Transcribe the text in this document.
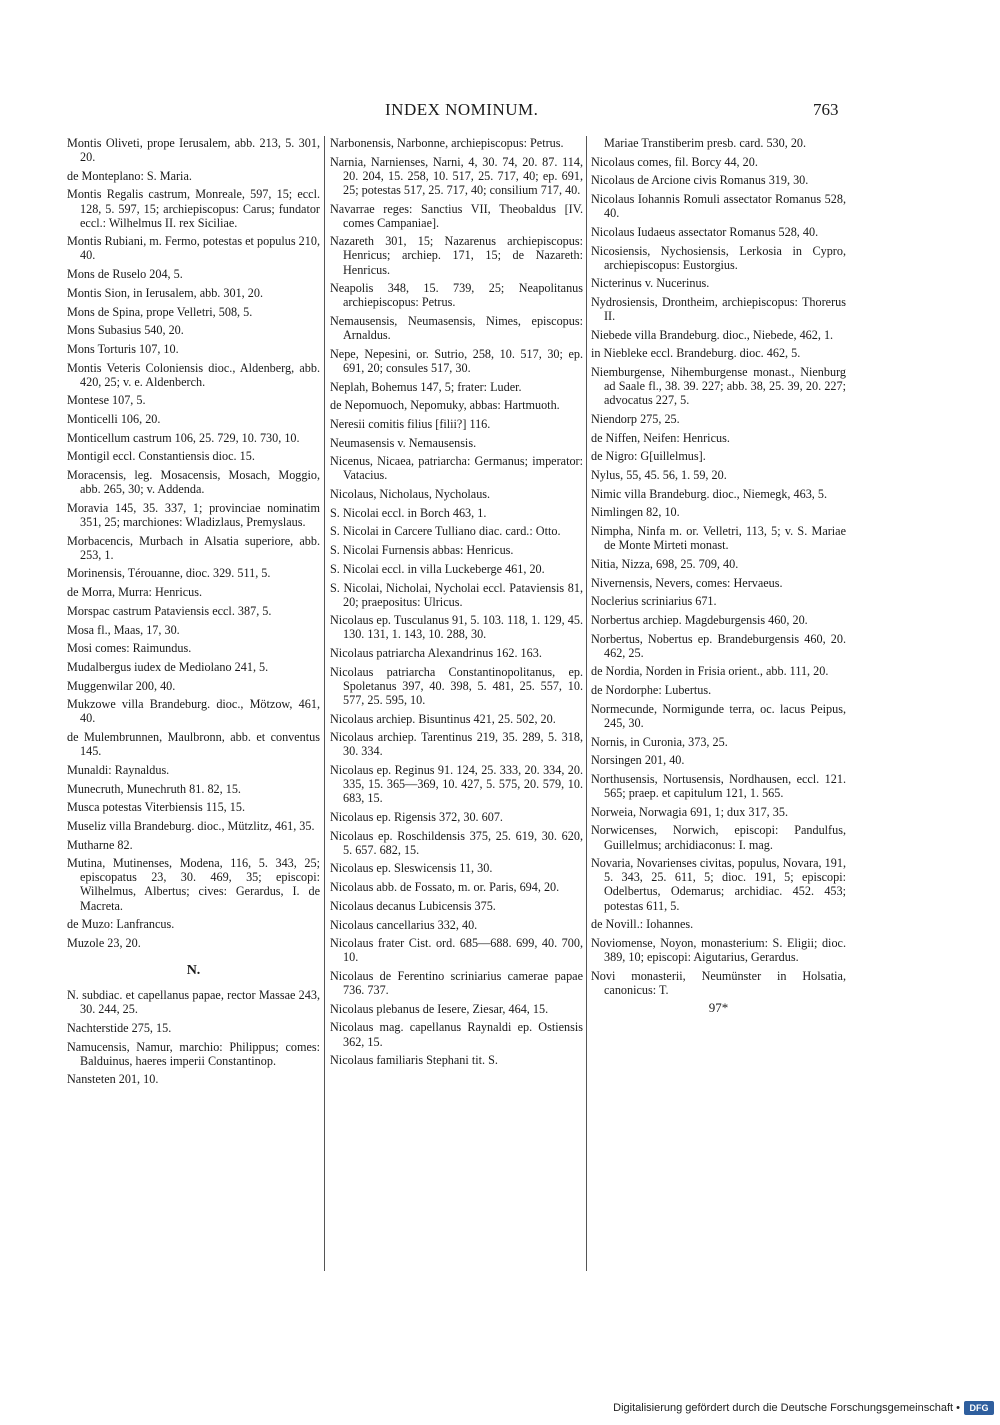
INDEX NOMINUM.	763

Montis Oliveti, prope Ierusalem, abb. 213, 5. 301, 20.

de Monteplano: S. Maria.

Montis Regalis castrum, Monreale, 597, 15; eccl. 128, 5. 597, 15; archiepiscopus: Carus; fundator eccl.: Wilhelmus II. rex Siciliae.

Montis Rubiani, m. Fermo, potestas et populus 210, 40.

Mons de Ruselo 204, 5.

Montis Sion, in Ierusalem, abb. 301, 20.

Mons de Spina, prope Velletri, 508, 5.

Mons Subasius 540, 20.

Mons Torturis 107, 10.

Montis Veteris Coloniensis dioc., Aldenberg, abb. 420, 25; v. e. Aldenberch.

Montese 107, 5.

Monticelli 106, 20.

Monticellum castrum 106, 25. 729, 10. 730, 10.

Montigil eccl. Constantiensis dioc. 15.

Moracensis, leg. Mosacensis, Mosach, Moggio, abb. 265, 30; v. Addenda.

Moravia 145, 35. 337, 1; provinciae nominatim 351, 25; marchiones: Wladizlaus, Premyslaus.

Morbacencis, Murbach in Alsatia superiore, abb. 253, 1.

Morinensis, Térouanne, dioc. 329. 511, 5.

de Morra, Murra: Henricus.

Morspac castrum Pataviensis eccl. 387, 5.

Mosa fl., Maas, 17, 30.

Mosi comes: Raimundus.

Mudalbergus iudex de Mediolano 241, 5.

Muggenwilar 200, 40.

Mukzowe villa Brandeburg. dioc., Mötzow, 461, 40.

de Mulembrunnen, Maulbronn, abb. et conventus 145.

Munaldi: Raynaldus.

Munecruth, Munechruth 81. 82, 15.

Musca potestas Viterbiensis 115, 15.

Museliz villa Brandeburg. dioc., Mützlitz, 461, 35.

Mutharne 82.

Mutina, Mutinenses, Modena, 116, 5. 343, 25; episcopatus 23, 30. 469, 35; episcopi: Wilhelmus, Albertus; cives: Gerardus, I. de Macreta.

de Muzo: Lanfrancus.

Muzole 23, 20.

N.

N. subdiac. et capellanus papae, rector Massae 243, 30. 244, 25.

Nachterstide 275, 15.

Namucensis, Namur, marchio: Philippus; comes: Balduinus, haeres imperii Constantinop.

Nansteten 201, 10.

Narbonensis, Narbonne, archiepiscopus: Petrus.

Narnia, Narnienses, Narni, 4, 30. 74, 20. 87. 114, 20. 204, 15. 258, 10. 517, 25. 717, 40; ep. 691, 25; potestas 517, 25. 717, 40; consilium 717, 40.

Navarrae reges: Sanctius VII, Theobaldus [IV. comes Campaniae].

Nazareth 301, 15; Nazarenus archiepiscopus: Henricus; archiep. 171, 15; de Nazareth: Henricus.

Neapolis 348, 15. 739, 25; Neapolitanus archiepiscopus: Petrus.

Nemausensis, Neumasensis, Nimes, episcopus: Arnaldus.

Nepe, Nepesini, or. Sutrio, 258, 10. 517, 30; ep. 691, 20; consules 517, 30.

Neplah, Bohemus 147, 5; frater: Luder.

de Nepomuoch, Nepomuky, abbas: Hartmuoth.

Neresii comitis filius [filii?] 116.

Neumasensis v. Nemausensis.

Nicenus, Nicaea, patriarcha: Germanus; imperator: Vatacius.

Nicolaus, Nicholaus, Nycholaus.

S. Nicolai eccl. in Borch 463, 1.

S. Nicolai in Carcere Tulliano diac. card.: Otto.

S. Nicolai Furnensis abbas: Henricus.

S. Nicolai eccl. in villa Luckeberge 461, 20.

S. Nicolai, Nicholai, Nycholai eccl. Pataviensis 81, 20; praepositus: Ulricus.

Nicolaus ep. Tusculanus 91, 5. 103. 118, 1. 129, 45. 130. 131, 1. 143, 10. 288, 30.

Nicolaus patriarcha Alexandrinus 162. 163.

Nicolaus patriarcha Constantinopolitanus, ep. Spoletanus 397, 40. 398, 5. 481, 25. 557, 10. 577, 25. 595, 10.

Nicolaus archiep. Bisuntinus 421, 25. 502, 20.

Nicolaus archiep. Tarentinus 219, 35. 289, 5. 318, 30. 334.

Nicolaus ep. Reginus 91. 124, 25. 333, 20. 334, 20. 335, 15. 365—369, 10. 427, 5. 575, 20. 579, 10. 683, 15.

Nicolaus ep. Rigensis 372, 30. 607.

Nicolaus ep. Roschildensis 375, 25. 619, 30. 620, 5. 657. 682, 15.

Nicolaus ep. Sleswicensis 11, 30.

Nicolaus abb. de Fossato, m. or. Paris, 694, 20.

Nicolaus decanus Lubicensis 375.

Nicolaus cancellarius 332, 40.

Nicolaus frater Cist. ord. 685—688. 699, 40. 700, 10.

Nicolaus de Ferentino scriniarius camerae papae 736. 737.

Nicolaus plebanus de Iesere, Ziesar, 464, 15.

Nicolaus mag. capellanus Raynaldi ep. Ostiensis 362, 15.

Nicolaus familiaris Stephani tit. S.

Mariae Transtiberim presb. card. 530, 20.

Nicolaus comes, fil. Borcy 44, 20.

Nicolaus de Arcione civis Romanus 319, 30.

Nicolaus Iohannis Romuli assectator Romanus 528, 40.

Nicolaus Iudaeus assectator Romanus 528, 40.

Nicosiensis, Nychosiensis, Lerkosia in Cypro, archiepiscopus: Eustorgius.

Nicterinus v. Nucerinus.

Nydrosiensis, Drontheim, archiepiscopus: Thorerus II.

Niebede villa Brandeburg. dioc., Niebede, 462, 1.

in Niebleke eccl. Brandeburg. dioc. 462, 5.

Niemburgense, Nihemburgense monast., Nienburg ad Saale fl., 38. 39. 227; abb. 38, 25. 39, 20. 227; advocatus 227, 5.

Niendorp 275, 25.

de Niffen, Neifen: Henricus.

de Nigro: G[uillelmus].

Nylus, 55, 45. 56, 1. 59, 20.

Nimic villa Brandeburg. dioc., Niemegk, 463, 5.

Nimlingen 82, 10.

Nimpha, Ninfa m. or. Velletri, 113, 5; v. S. Mariae de Monte Mirteti monast.

Nitia, Nizza, 698, 25. 709, 40.

Nivernensis, Nevers, comes: Hervaeus.

Noclerius scriniarius 671.

Norbertus archiep. Magdeburgensis 460, 20.

Norbertus, Nobertus ep. Brandeburgensis 460, 20. 462, 25.

de Nordia, Norden in Frisia orient., abb. 111, 20.

de Nordorphe: Lubertus.

Normecunde, Normigunde terra, oc. lacus Peipus, 245, 30.

Nornis, in Curonia, 373, 25.

Norsingen 201, 40.

Northusensis, Nortusensis, Nordhausen, eccl. 121. 565; praep. et capitulum 121, 1. 565.

Norweia, Norwagia 691, 1; dux 317, 35.

Norwicenses, Norwich, episcopi: Pandulfus, Guillelmus; archidiaconus: I. mag.

Novaria, Novarienses civitas, populus, Novara, 191, 5. 343, 25. 611, 5; dioc. 191, 5; episcopi: Odelbertus, Odemarus; archidiac. 452. 453; potestas 611, 5.

de Novill.: Iohannes.

Noviomense, Noyon, monasterium: S. Eligii; dioc. 389, 10; episcopi: Aigutarius, Gerardus.

Novi monasterii, Neumünster in Holsatia, canonicus: T.

97*
Digitalisierung gefördert durch die Deutsche Forschungsgemeinschaft •	DFG
